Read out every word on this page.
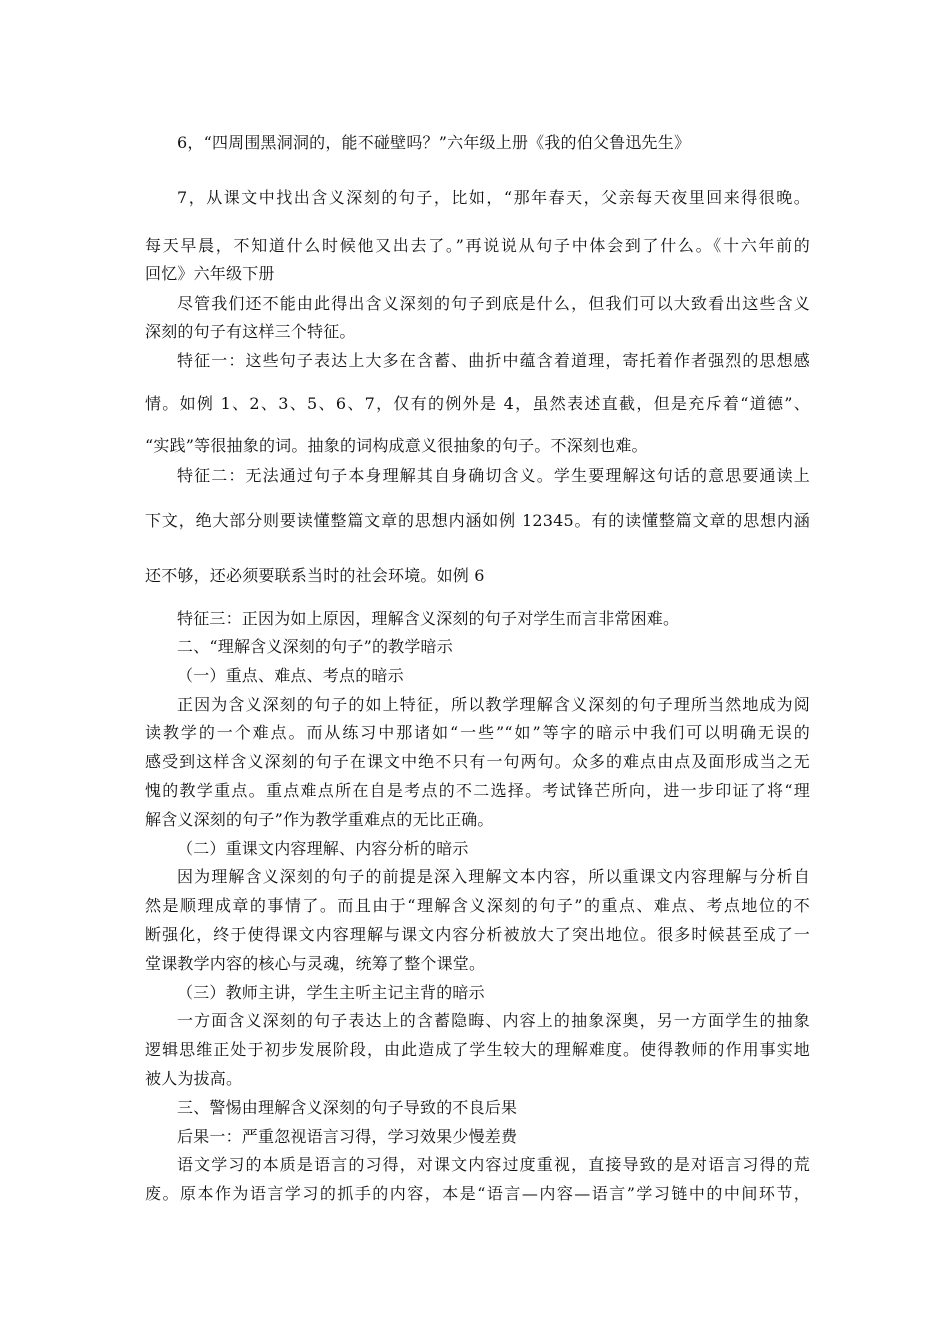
6，“四周围黑洞洞的，能不碰壁吗？”六年级上册《我的伯父鲁迅先生》
7，从课文中找出含义深刻的句子，比如，“那年春天，父亲每天夜里回来得很晚。
每天早晨，不知道什么时候他又出去了。”再说说从句子中体会到了什么。《十六年前的
回忆》六年级下册
尽管我们还不能由此得出含义深刻的句子到底是什么，但我们可以大致看出这些含义
深刻的句子有这样三个特征。
特征一：这些句子表达上大多在含蓄、曲折中蕴含着道理，寄托着作者强烈的思想感
情。如例 1、2、3、5、6、7，仅有的例外是 4，虽然表述直截，但是充斥着“道德”、
“实践”等很抽象的词。抽象的词构成意义很抽象的句子。不深刻也难。
特征二：无法通过句子本身理解其自身确切含义。学生要理解这句话的意思要通读上
下文，绝大部分则要读懂整篇文章的思想内涵如例 12345。有的读懂整篇文章的思想内涵
还不够，还必须要联系当时的社会环境。如例 6
特征三：正因为如上原因，理解含义深刻的句子对学生而言非常困难。
二、“理解含义深刻的句子”的教学暗示
（一）重点、难点、考点的暗示
正因为含义深刻的句子的如上特征，所以教学理解含义深刻的句子理所当然地成为阅
读教学的一个难点。而从练习中那诸如“一些”“如”等字的暗示中我们可以明确无误的
感受到这样含义深刻的句子在课文中绝不只有一句两句。众多的难点由点及面形成当之无
愧的教学重点。重点难点所在自是考点的不二选择。考试锋芒所向，进一步印证了将“理
解含义深刻的句子”作为教学重难点的无比正确。
（二）重课文内容理解、内容分析的暗示
因为理解含义深刻的句子的前提是深入理解文本内容，所以重课文内容理解与分析自
然是顺理成章的事情了。而且由于“理解含义深刻的句子”的重点、难点、考点地位的不
断强化，终于使得课文内容理解与课文内容分析被放大了突出地位。很多时候甚至成了一
堂课教学内容的核心与灵魂，统筹了整个课堂。
（三）教师主讲，学生主听主记主背的暗示
一方面含义深刻的句子表达上的含蓄隐晦、内容上的抽象深奥，另一方面学生的抽象
逻辑思维正处于初步发展阶段，由此造成了学生较大的理解难度。使得教师的作用事实地
被人为拔高。
三、警惕由理解含义深刻的句子导致的不良后果
后果一：严重忽视语言习得，学习效果少慢差费
语文学习的本质是语言的习得，对课文内容过度重视，直接导致的是对语言习得的荒
废。原本作为语言学习的抓手的内容，本是“语言—内容—语言”学习链中的中间环节，
